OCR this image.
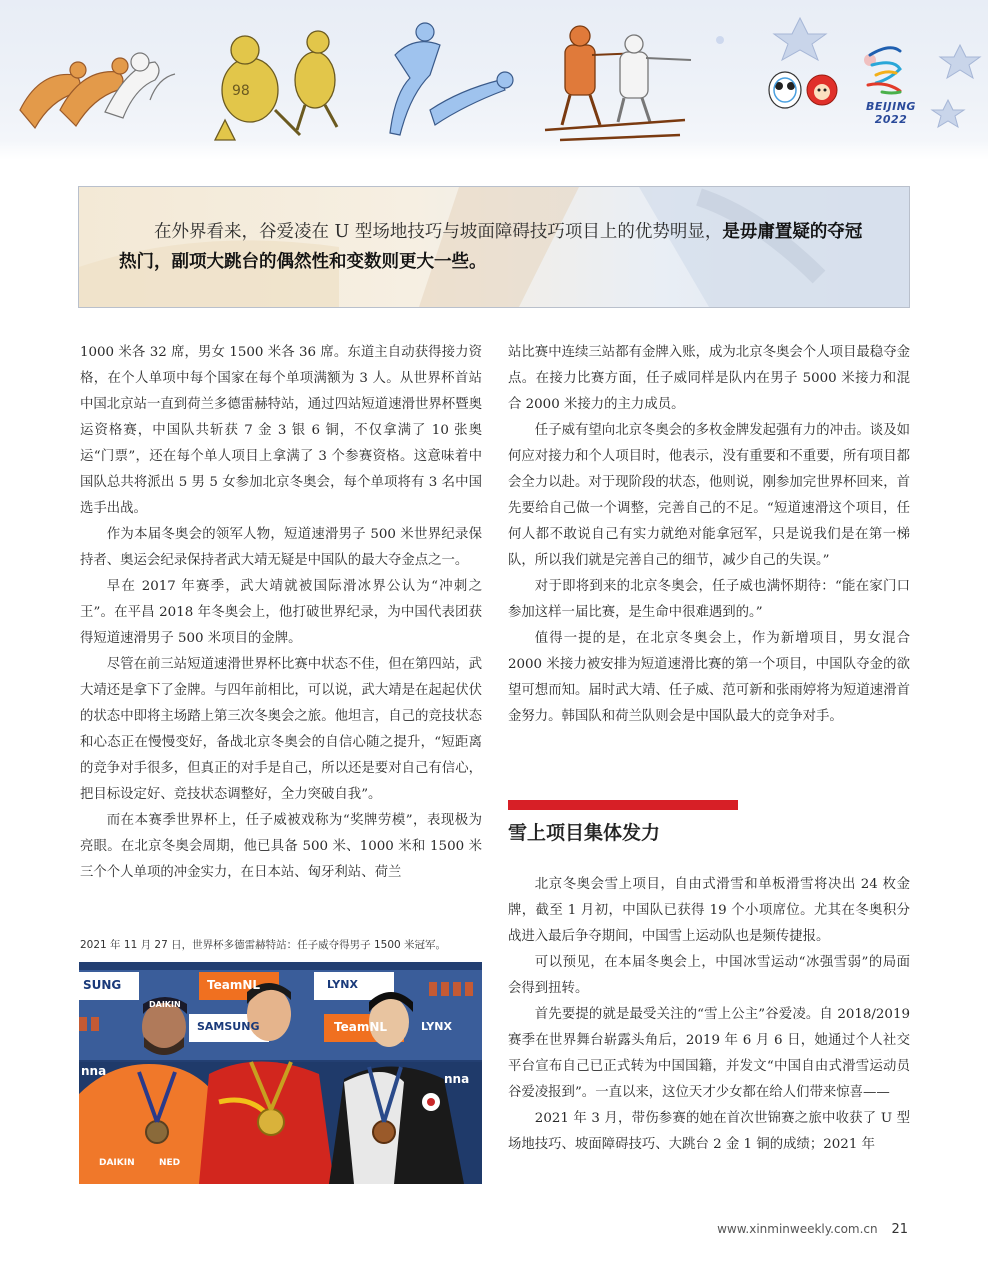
98
BEIJING 2022

在外界看来，谷爱凌在 U 型场地技巧与坡面障碍技巧项目上的优势明显，是毋庸置疑的夺冠热门，副项大跳台的偶然性和变数则更大一些。

1000 米各 32 席，男女 1500 米各 36 席。东道主自动获得接力资格，在个人单项中每个国家在每个单项满额为 3 人。从世界杯首站中国北京站一直到荷兰多德雷赫特站，通过四站短道速滑世界杯暨奥运资格赛，中国队共斩获 7 金 3 银 6 铜，不仅拿满了 10 张奥运“门票”，还在每个单人项目上拿满了 3 个参赛资格。这意味着中国队总共将派出 5 男 5 女参加北京冬奥会，每个单项将有 3 名中国选手出战。

作为本届冬奥会的领军人物，短道速滑男子 500 米世界纪录保持者、奥运会纪录保持者武大靖无疑是中国队的最大夺金点之一。

早在 2017 年赛季，武大靖就被国际滑冰界公认为“冲刺之王”。在平昌 2018 年冬奥会上，他打破世界纪录，为中国代表团获得短道速滑男子 500 米项目的金牌。

尽管在前三站短道速滑世界杯比赛中状态不佳，但在第四站，武大靖还是拿下了金牌。与四年前相比，可以说，武大靖是在起起伏伏的状态中即将主场踏上第三次冬奥会之旅。他坦言，自己的竞技状态和心态正在慢慢变好，备战北京冬奥会的自信心随之提升，“短距离的竞争对手很多，但真正的对手是自己，所以还是要对自己有信心，把目标设定好、竞技状态调整好，全力突破自我”。

而在本赛季世界杯上，任子威被戏称为“奖牌劳模”，表现极为亮眼。在北京冬奥会周期，他已具备 500 米、1000 米和 1500 米三个个人单项的冲金实力，在日本站、匈牙利站、荷兰

2021 年 11 月 27 日，世界杯多德雷赫特站：任子威夺得男子 1500 米冠军。
SUNG	TeamNL	LYNX
SAMSUNG	TeamNL	LYNX
nna
nna
DAIKIN
DAIKIN	NED

站比赛中连续三站都有金牌入账，成为北京冬奥会个人项目最稳夺金点。在接力比赛方面，任子威同样是队内在男子 5000 米接力和混合 2000 米接力的主力成员。

任子威有望向北京冬奥会的多枚金牌发起强有力的冲击。谈及如何应对接力和个人项目时，他表示，没有重要和不重要，所有项目都会全力以赴。对于现阶段的状态，他则说，刚参加完世界杯回来，首先要给自己做一个调整，完善自己的不足。“短道速滑这个项目，任何人都不敢说自己有实力就绝对能拿冠军，只是说我们是在第一梯队，所以我们就是完善自己的细节，减少自己的失误。”

对于即将到来的北京冬奥会，任子威也满怀期待：“能在家门口参加这样一届比赛，是生命中很难遇到的。”

值得一提的是，在北京冬奥会上，作为新增项目，男女混合 2000 米接力被安排为短道速滑比赛的第一个项目，中国队夺金的欲望可想而知。届时武大靖、任子威、范可新和张雨婷将为短道速滑首金努力。韩国队和荷兰队则会是中国队最大的竞争对手。

雪上项目集体发力

北京冬奥会雪上项目，自由式滑雪和单板滑雪将决出 24 枚金牌，截至 1 月初，中国队已获得 19 个小项席位。尤其在冬奥积分战进入最后争夺期间，中国雪上运动队也是频传捷报。

可以预见，在本届冬奥会上，中国冰雪运动“冰强雪弱”的局面会得到扭转。

首先要提的就是最受关注的“雪上公主”谷爱凌。自 2018/2019 赛季在世界舞台崭露头角后，2019 年 6 月 6 日，她通过个人社交平台宣布自己已正式转为中国国籍，并发文“中国自由式滑雪运动员谷爱凌报到”。一直以来，这位天才少女都在给人们带来惊喜——

2021 年 3 月，带伤参赛的她在首次世锦赛之旅中收获了 U 型场地技巧、坡面障碍技巧、大跳台 2 金 1 铜的成绩；2021 年

www.xinminweekly.com.cn 21
